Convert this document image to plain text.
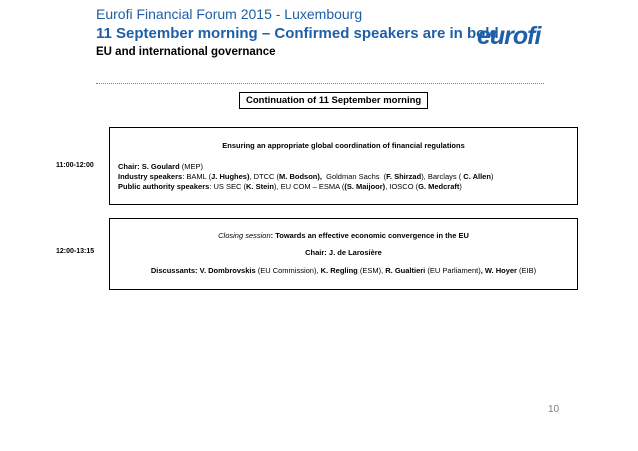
Eurofi Financial Forum 2015 - Luxembourg
11 September morning – Confirmed speakers are in bold
EU and international governance
eurofi
Continuation of 11 September morning
11:00-12:00
Ensuring an appropriate global coordination of financial regulations
Chair: S. Goulard (MEP)
Industry speakers: BAML (J. Hughes), DTCC (M. Bodson),  Goldman Sachs  (F. Shirzad), Barclays ( C. Allen)
Public authority speakers: US SEC (K. Stein), EU COM – ESMA ((S. Maijoor), IOSCO (G. Medcraft)
12:00-13:15
Closing session: Towards an effective economic convergence in the EU
Chair: J. de Larosière
Discussants: V. Dombrovskis (EU Commission), K. Regling (ESM), R. Gualtieri (EU Parliament), W. Hoyer (EIB)
10
